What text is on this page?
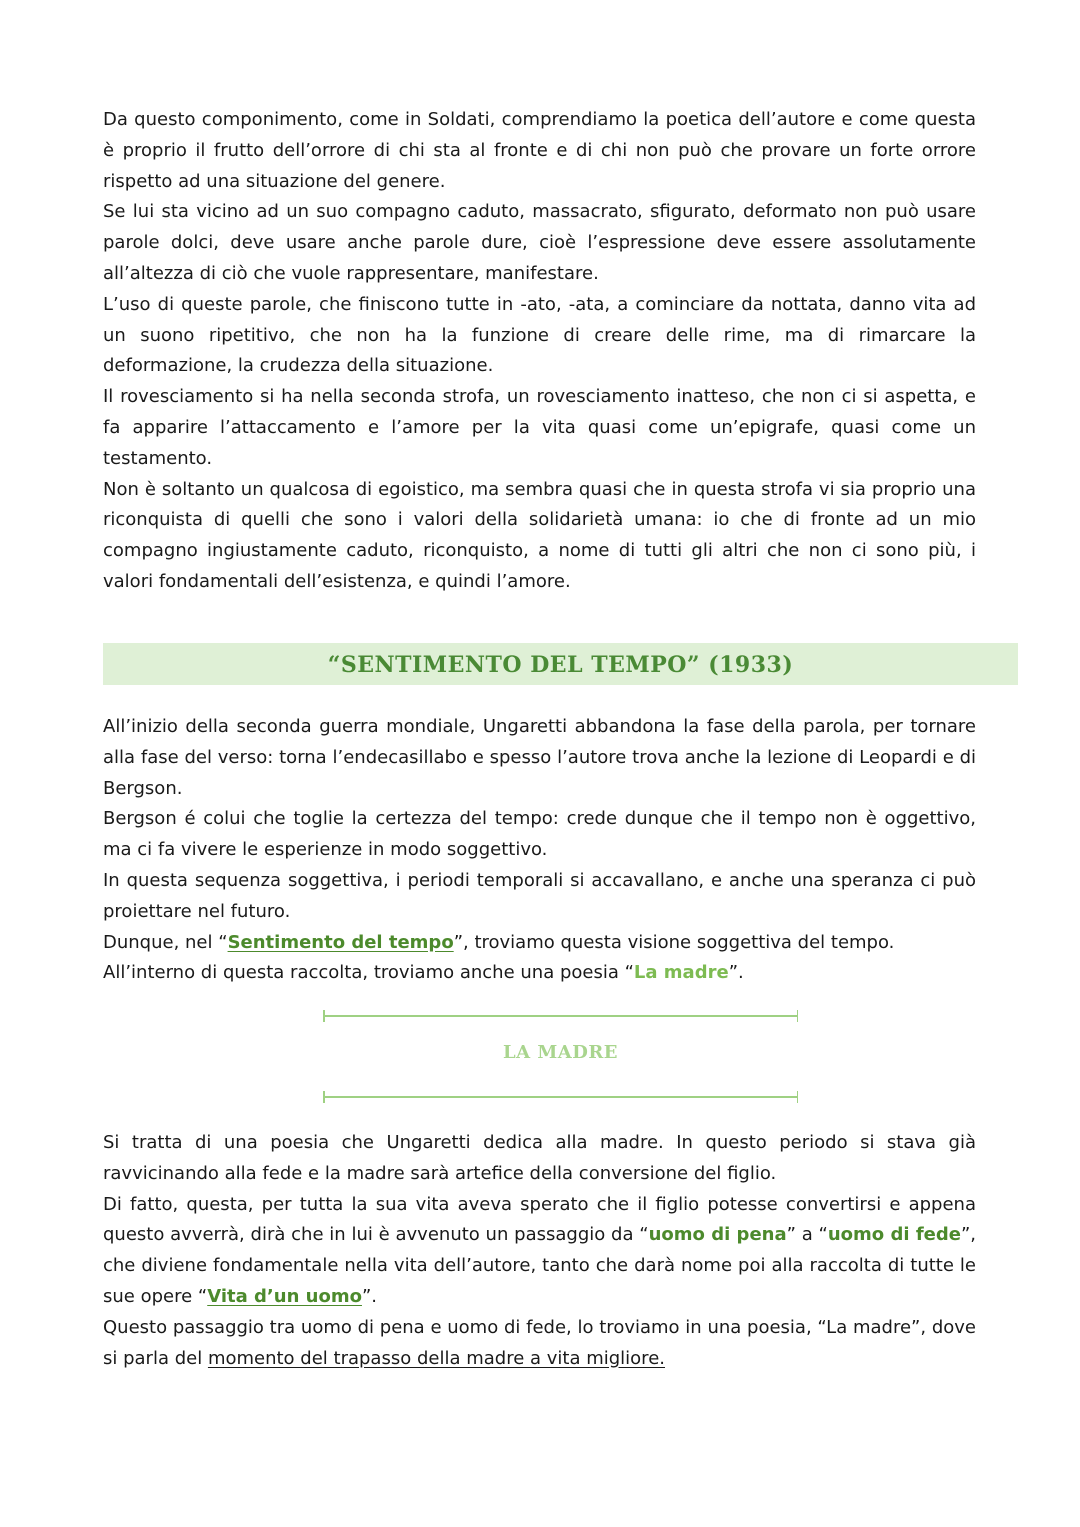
Da questo componimento, come in Soldati, comprendiamo la poetica dell’autore e come questa è proprio il frutto dell’orrore di chi sta al fronte e di chi non può che provare un forte orrore rispetto ad una situazione del genere.

Se lui sta vicino ad un suo compagno caduto, massacrato, sfigurato, deformato non può usare parole dolci, deve usare anche parole dure, cioè l’espressione deve essere assolutamente all’altezza di ciò che vuole rappresentare, manifestare.

L’uso di queste parole, che finiscono tutte in -ato, -ata, a cominciare da nottata, danno vita ad un suono ripetitivo, che non ha la funzione di creare delle rime, ma di rimarcare la deformazione, la crudezza della situazione.

Il rovesciamento si ha nella seconda strofa, un rovesciamento inatteso, che non ci si aspetta, e fa apparire l’attaccamento e l’amore per la vita quasi come un’epigrafe, quasi come un testamento.

Non è soltanto un qualcosa di egoistico, ma sembra quasi che in questa strofa vi sia proprio una riconquista di quelli che sono i valori della solidarietà umana: io che di fronte ad un mio compagno ingiustamente caduto, riconquisto, a nome di tutti gli altri che non ci sono più, i valori fondamentali dell’esistenza, e quindi l’amore.

“SENTIMENTO DEL TEMPO” (1933)

All’inizio della seconda guerra mondiale, Ungaretti abbandona la fase della parola, per tornare alla fase del verso: torna l’endecasillabo e spesso l’autore trova anche la lezione di Leopardi e di Bergson.

Bergson é colui che toglie la certezza del tempo: crede dunque che il tempo non è oggettivo, ma ci fa vivere le esperienze in modo soggettivo.

In questa sequenza soggettiva, i periodi temporali si accavallano, e anche una speranza ci può proiettare nel futuro.

Dunque, nel “Sentimento del tempo”, troviamo questa visione soggettiva del tempo.

All’interno di questa raccolta, troviamo anche una poesia “La madre”.

LA MADRE

Si tratta di una poesia che Ungaretti dedica alla madre. In questo periodo si stava già ravvicinando alla fede e la madre sarà artefice della conversione del figlio.

Di fatto, questa, per tutta la sua vita aveva sperato che il figlio potesse convertirsi e appena questo avverrà, dirà che in lui è avvenuto un passaggio da “uomo di pena” a “uomo di fede”, che diviene fondamentale nella vita dell’autore, tanto che darà nome poi alla raccolta di tutte le sue opere “Vita d’un uomo”.

Questo passaggio tra uomo di pena e uomo di fede, lo troviamo in una poesia, “La madre”, dove si parla del momento del trapasso della madre a vita migliore.
